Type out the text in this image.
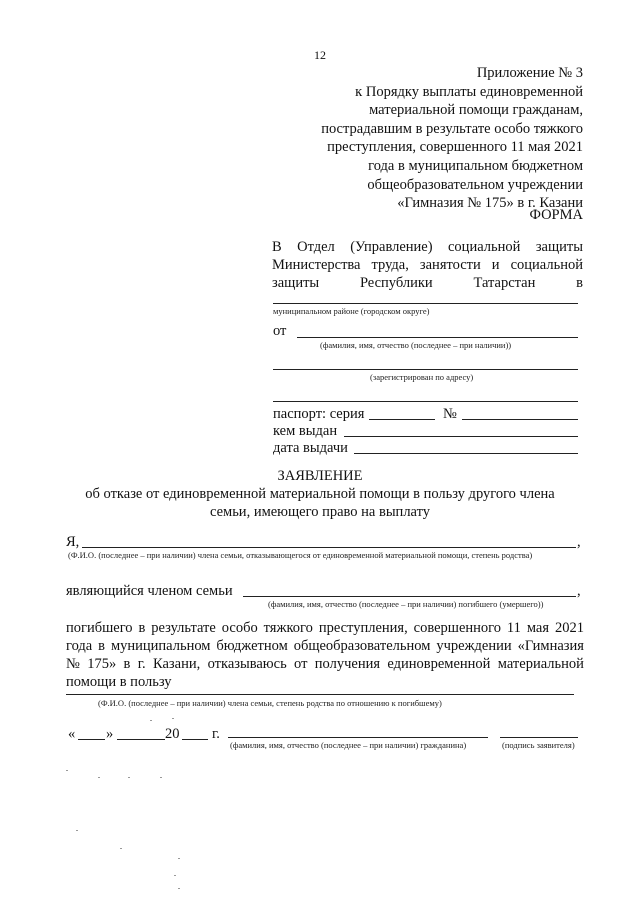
12
Приложение № 3
к Порядку выплаты единовременной
материальной помощи гражданам,
пострадавшим в результате особо тяжкого
преступления, совершенного 11 мая 2021
года в муниципальном бюджетном
общеобразовательном учреждении
«Гимназия № 175» в г. Казани
ФОРМА
В Отдел (Управление) социальной защиты
Министерства труда, занятости и социальной
защиты	Республики	Татарстан	в
муниципальном районе (городском округе)
от
(фамилия, имя, отчество (последнее – при наличии))
(зарегистрирован по адресу)
паспорт: серия	№
кем выдан
дата выдачи
ЗАЯВЛЕНИЕ
об отказе от единовременной материальной помощи в пользу другого члена
семьи, имеющего право на выплату
Я,	,
(Ф.И.О. (последнее – при наличии) члена семьи, отказывающегося от единовременной материальной помощи, степень родства)
являющийся членом семьи	,
(фамилия, имя, отчество (последнее – при наличии) погибшего (умершего))
погибшего в результате особо тяжкого преступления, совершенного 11 мая 2021
года в муниципальном бюджетном общеобразовательном учреждении «Гимназия
№ 175» в г. Казани, отказываюсь от получения единовременной материальной
помощи в пользу
(Ф.И.О. (последнее – при наличии) члена семьи, степень родства по отношению к погибшему)
« »	20 г.
(фамилия, имя, отчество (последнее – при наличии) гражданина)	(подпись заявителя)
